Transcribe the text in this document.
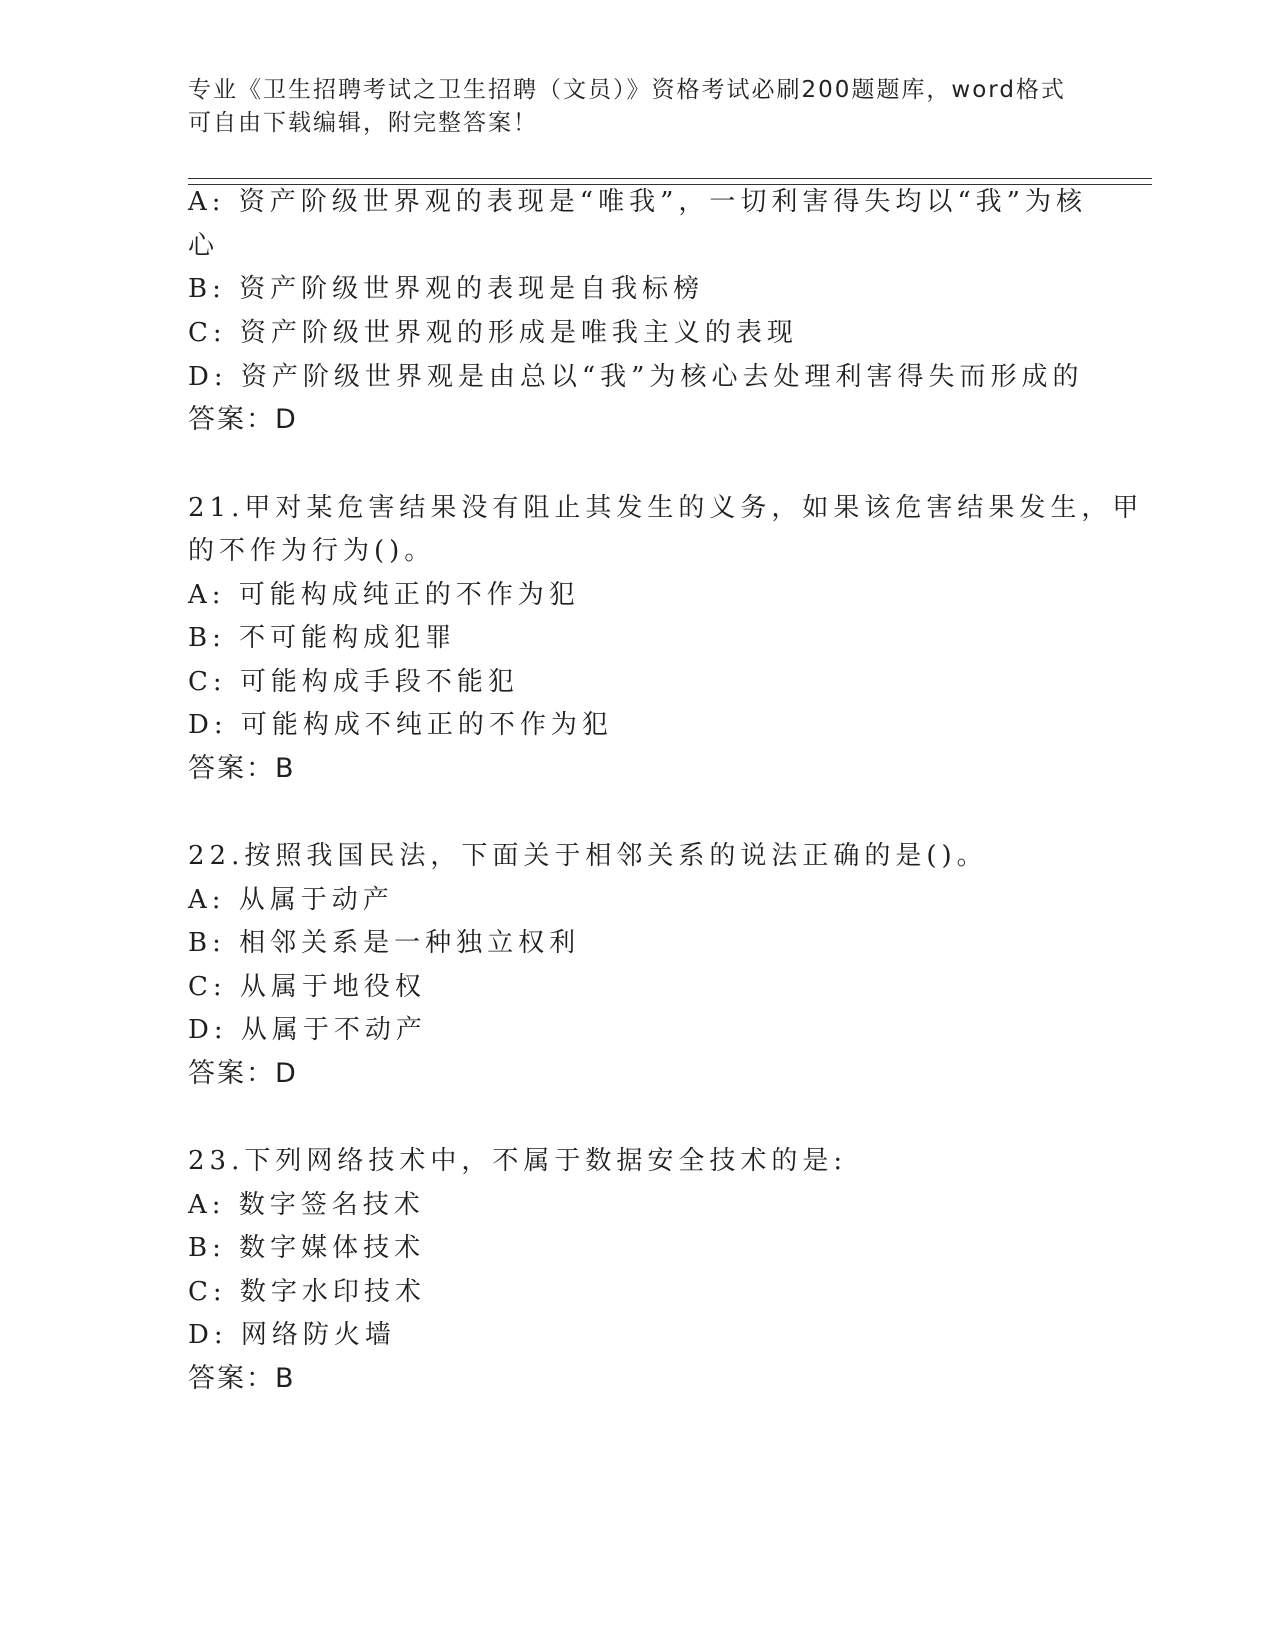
专业《卫生招聘考试之卫生招聘（文员）》资格考试必刷200题题库，word格式
可自由下载编辑，附完整答案！
A: 资产阶级世界观的表现是“唯我”，一切利害得失均以“我”为核
心
B: 资产阶级世界观的表现是自我标榜
C: 资产阶级世界观的形成是唯我主义的表现
D: 资产阶级世界观是由总以“我”为核心去处理利害得失而形成的
答案：D
21.甲对某危害结果没有阻止其发生的义务，如果该危害结果发生，甲
的不作为行为()。
A: 可能构成纯正的不作为犯
B: 不可能构成犯罪
C: 可能构成手段不能犯
D: 可能构成不纯正的不作为犯
答案：B
22.按照我国民法，下面关于相邻关系的说法正确的是()。
A: 从属于动产
B: 相邻关系是一种独立权利
C: 从属于地役权
D: 从属于不动产
答案：D
23.下列网络技术中，不属于数据安全技术的是:
A: 数字签名技术
B: 数字媒体技术
C: 数字水印技术
D: 网络防火墙
答案：B
